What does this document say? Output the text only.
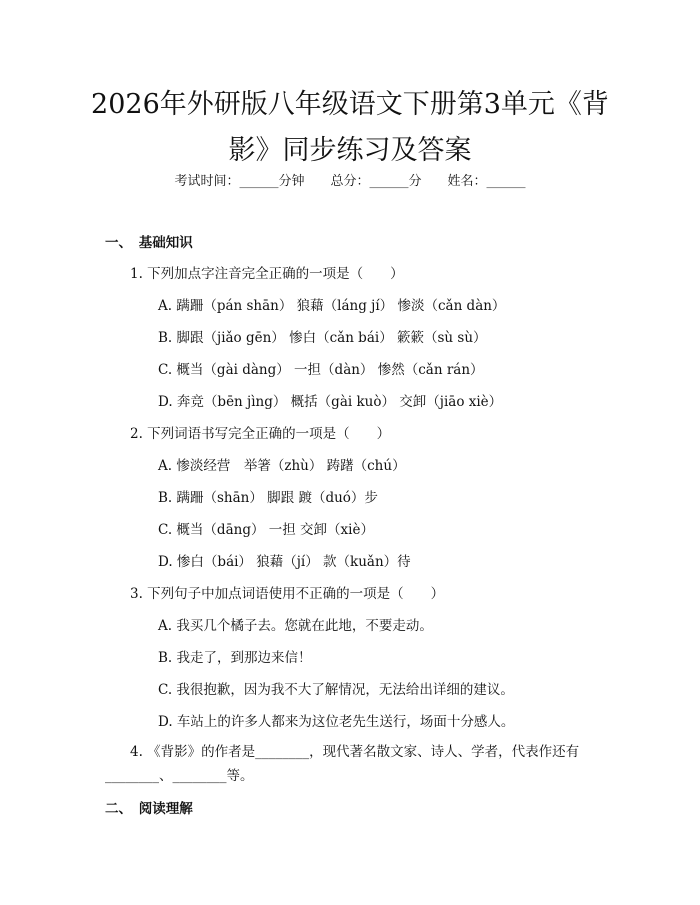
2026年外研版八年级语文下册第3单元《背
影》同步练习及答案
考试时间：______分钟　　总分：______分　　姓名：______
一、　基础知识
1. 下列加点字注音完全正确的一项是（　　）
A. 蹒跚（pán shān） 狼藉（láng jí） 惨淡（cǎn dàn）
B. 脚跟（jiǎo gēn） 惨白（cǎn bái） 簌簌（sù sù）
C. 概当（gài dàng） 一担（dàn） 惨然（cǎn rán）
D. 奔竞（bēn jìng） 概括（gài kuò） 交卸（jiāo xiè）
2. 下列词语书写完全正确的一项是（　　）
A. 惨淡经营　举箸（zhù） 踌躇（chú）
B. 蹒跚（shān） 脚跟 踱（duó）步
C. 概当（dāng） 一担 交卸（xiè）
D. 惨白（bái） 狼藉（jí） 款（kuǎn）待
3. 下列句子中加点词语使用不正确的一项是（　　）
A. 我买几个橘子去。您就在此地，不要走动。
B. 我走了，到那边来信！
C. 我很抱歉，因为我不大了解情况，无法给出详细的建议。
D. 车站上的许多人都来为这位老先生送行，场面十分感人。
4. 《背影》的作者是________，现代著名散文家、诗人、学者，代表作还有
________、________等。
二、　阅读理解
